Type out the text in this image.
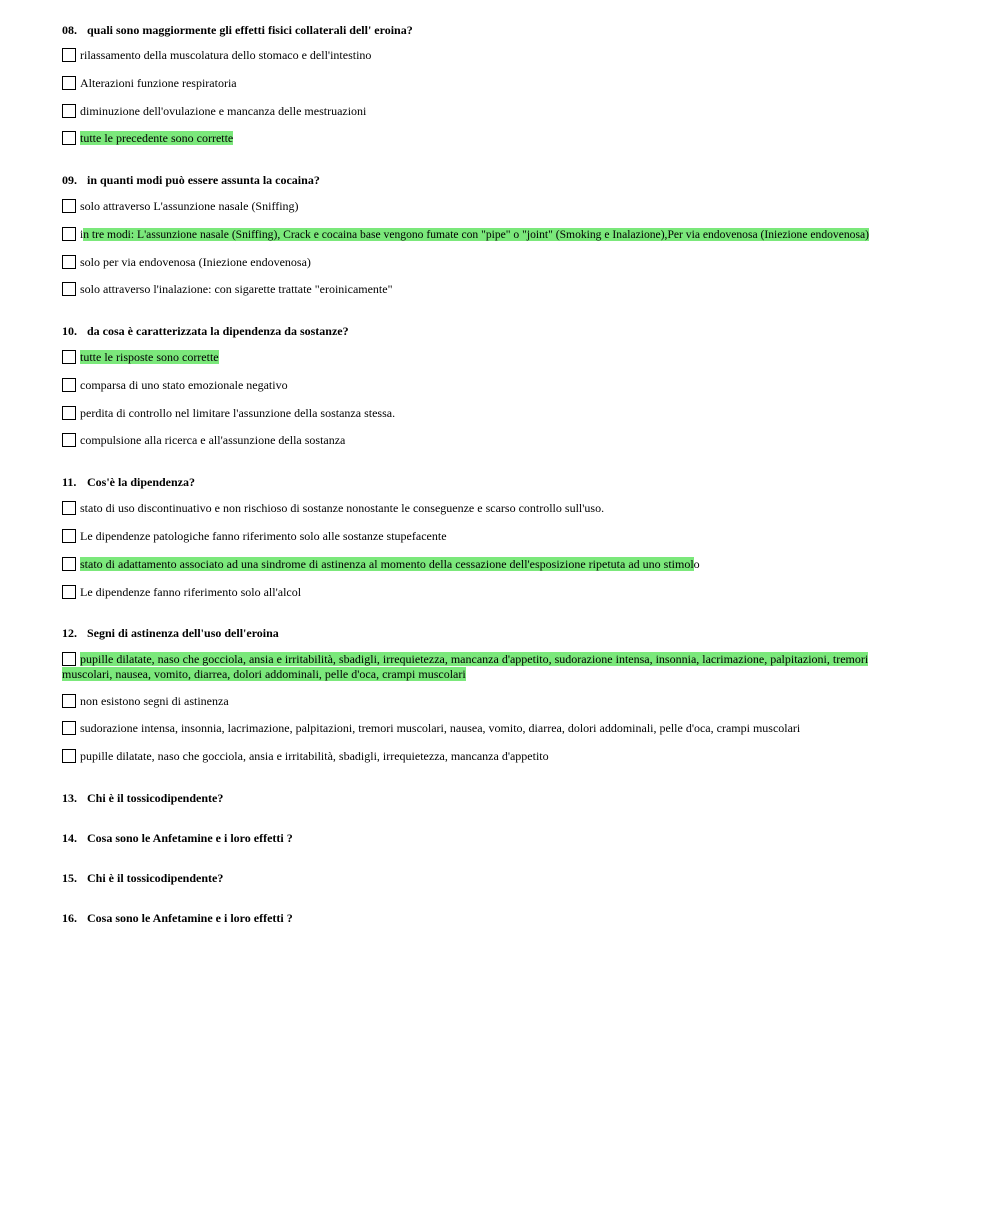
08. quali sono maggiormente gli effetti fisici collaterali dell' eroina?
rilassamento della muscolatura dello stomaco e dell'intestino
Alterazioni funzione respiratoria
diminuzione dell'ovulazione e mancanza delle mestruazioni
tutte le precedente sono corrette
09. in quanti modi può essere assunta la cocaina?
solo attraverso L'assunzione nasale (Sniffing)
in tre modi: L'assunzione nasale (Sniffing), Crack e cocaina base vengono fumate con "pipe" o "joint" (Smoking e Inalazione),Per via endovenosa (Iniezione endovenosa)
solo per via endovenosa (Iniezione endovenosa)
solo attraverso l'inalazione: con sigarette trattate "eroinicamente"
10. da cosa è caratterizzata la dipendenza da sostanze?
tutte le risposte sono corrette
comparsa di uno stato emozionale negativo
perdita di controllo nel limitare l'assunzione della sostanza stessa.
compulsione alla ricerca e all'assunzione della sostanza
11. Cos'è la dipendenza?
stato di uso discontinuativo e non rischioso di sostanze nonostante le conseguenze e scarso controllo sull'uso.
Le dipendenze patologiche fanno riferimento solo alle sostanze stupefacente
stato di adattamento associato ad una sindrome di astinenza al momento della cessazione dell'esposizione ripetuta ad uno stimolo
Le dipendenze fanno riferimento solo all'alcol
12. Segni di astinenza dell'uso dell'eroina
pupille dilatate, naso che gocciola, ansia e irritabilità, sbadigli, irrequietezza, mancanza d'appetito, sudorazione intensa, insonnia, lacrimazione, palpitazioni, tremori muscolari, nausea, vomito, diarrea, dolori addominali, pelle d'oca, crampi muscolari
non esistono segni di astinenza
sudorazione intensa, insonnia, lacrimazione, palpitazioni, tremori muscolari, nausea, vomito, diarrea, dolori addominali, pelle d'oca, crampi muscolari
pupille dilatate, naso che gocciola, ansia e irritabilità, sbadigli, irrequietezza, mancanza d'appetito
13. Chi è il tossicodipendente?
14. Cosa sono le Anfetamine e i loro effetti ?
15. Chi è il tossicodipendente?
16. Cosa sono le Anfetamine e i loro effetti ?
